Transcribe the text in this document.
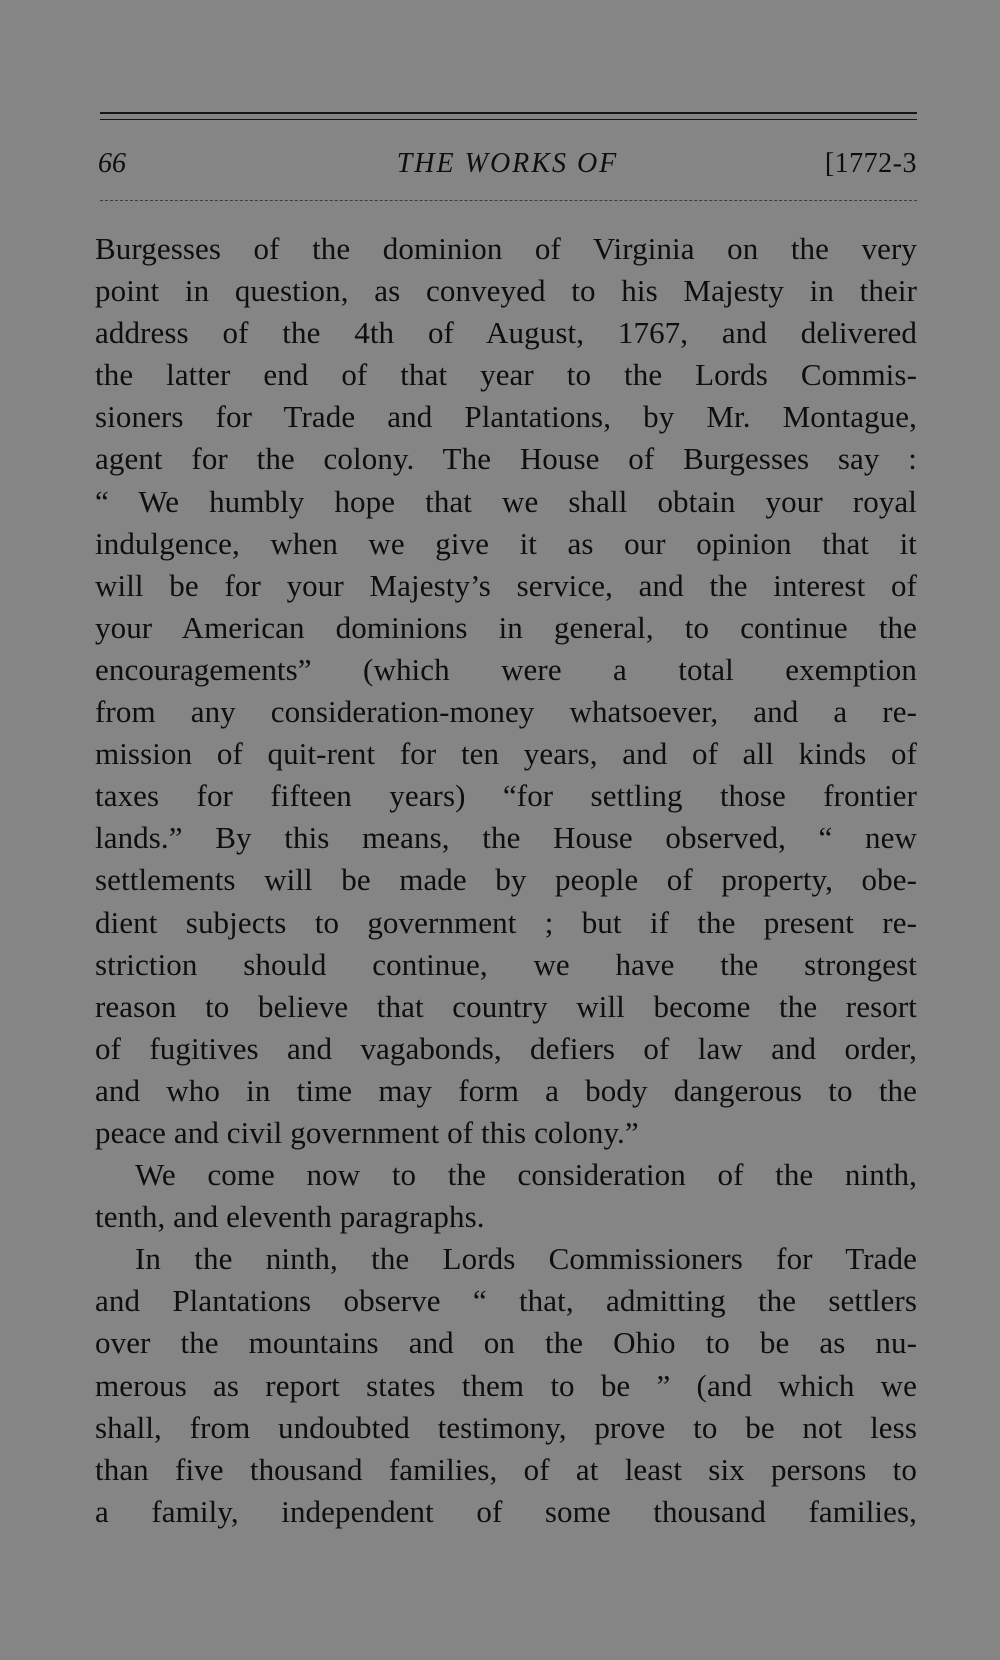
66	THE WORKS OF	[1772-3
Burgesses of the dominion of Virginia on the very
point in question, as conveyed to his Majesty in their
address of the 4th of August, 1767, and delivered
the latter end of that year to the Lords Commis-
sioners for Trade and Plantations, by Mr. Montague,
agent for the colony. The House of Burgesses say :
“ We humbly hope that we shall obtain your royal
indulgence, when we give it as our opinion that it
will be for your Majesty’s service, and the interest of
your American dominions in general, to continue the
encouragements” (which were a total exemption
from any consideration-money whatsoever, and a re-
mission of quit-rent for ten years, and of all kinds of
taxes for fifteen years) “for settling those frontier
lands.” By this means, the House observed, “ new
settlements will be made by people of property, obe-
dient subjects to government ; but if the present re-
striction should continue, we have the strongest
reason to believe that country will become the resort
of fugitives and vagabonds, defiers of law and order,
and who in time may form a body dangerous to the
peace and civil government of this colony.”
We come now to the consideration of the ninth,
tenth, and eleventh paragraphs.
In the ninth, the Lords Commissioners for Trade
and Plantations observe “ that, admitting the settlers
over the mountains and on the Ohio to be as nu-
merous as report states them to be ” (and which we
shall, from undoubted testimony, prove to be not less
than five thousand families, of at least six persons to
a family, independent of some thousand families,
